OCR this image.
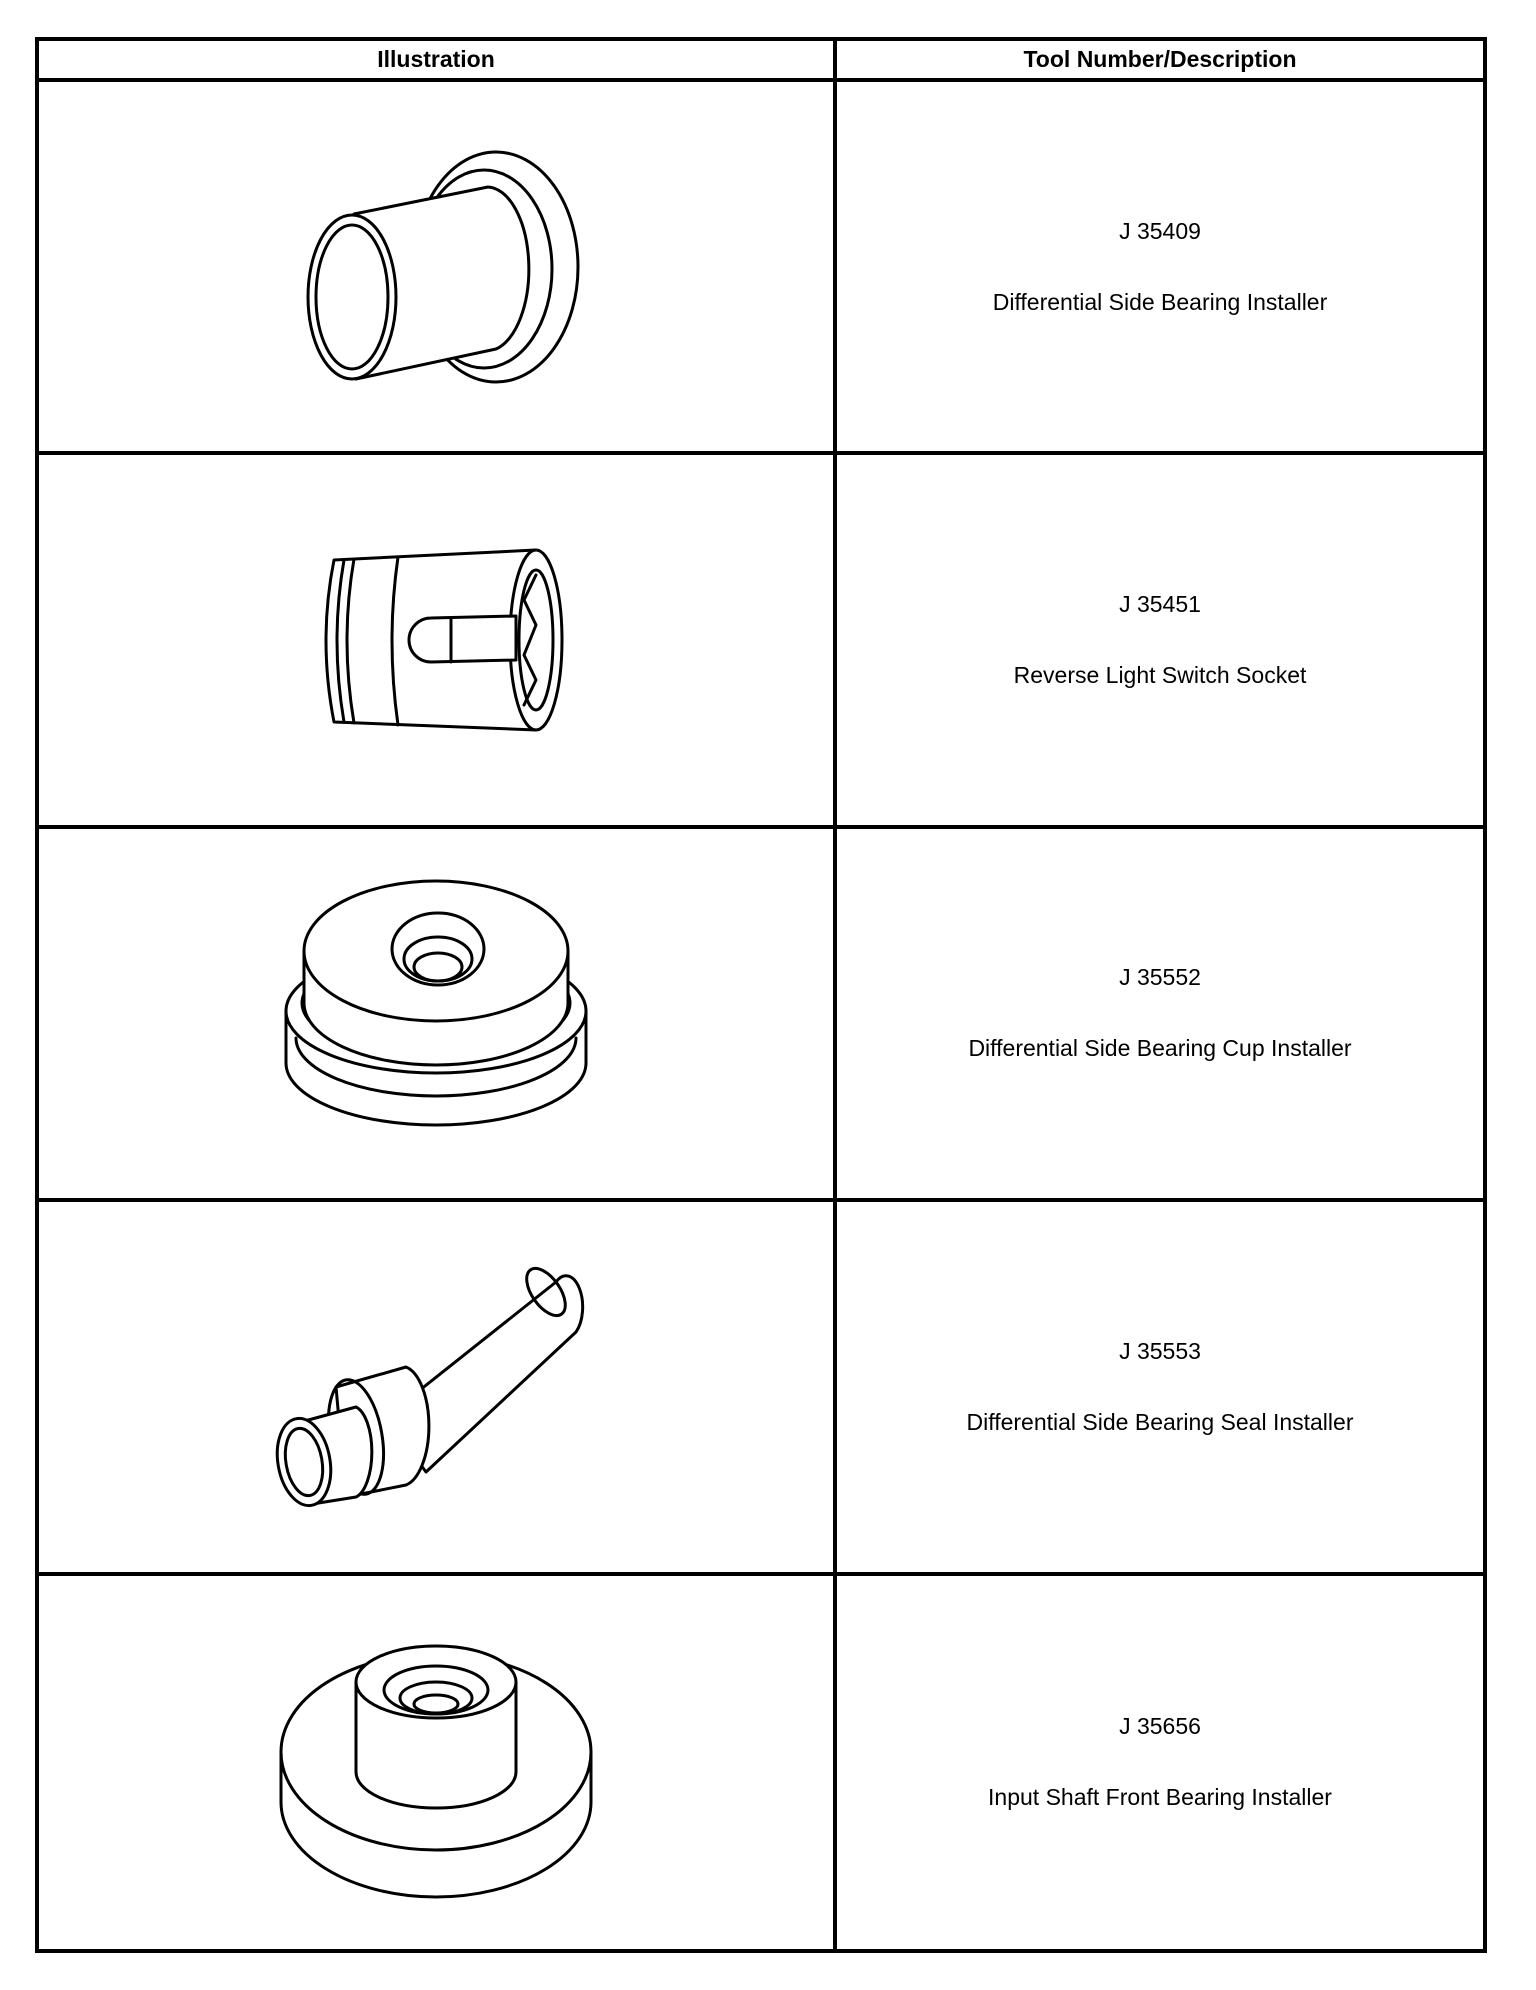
Illustration	Tool Number/Description
J 35409
Differential Side Bearing Installer
J 35451
Reverse Light Switch Socket
J 35552
Differential Side Bearing Cup Installer
J 35553
Differential Side Bearing Seal Installer
J 35656
Input Shaft Front Bearing Installer
